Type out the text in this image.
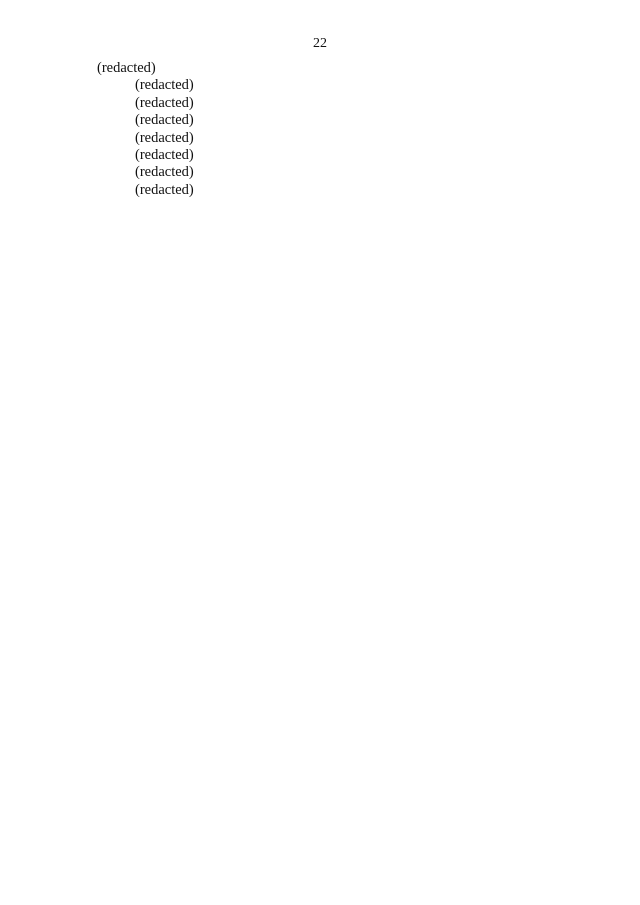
22

(redacted)

(redacted)

(redacted)

(redacted)

(redacted)

(redacted)

(redacted)

(redacted)
